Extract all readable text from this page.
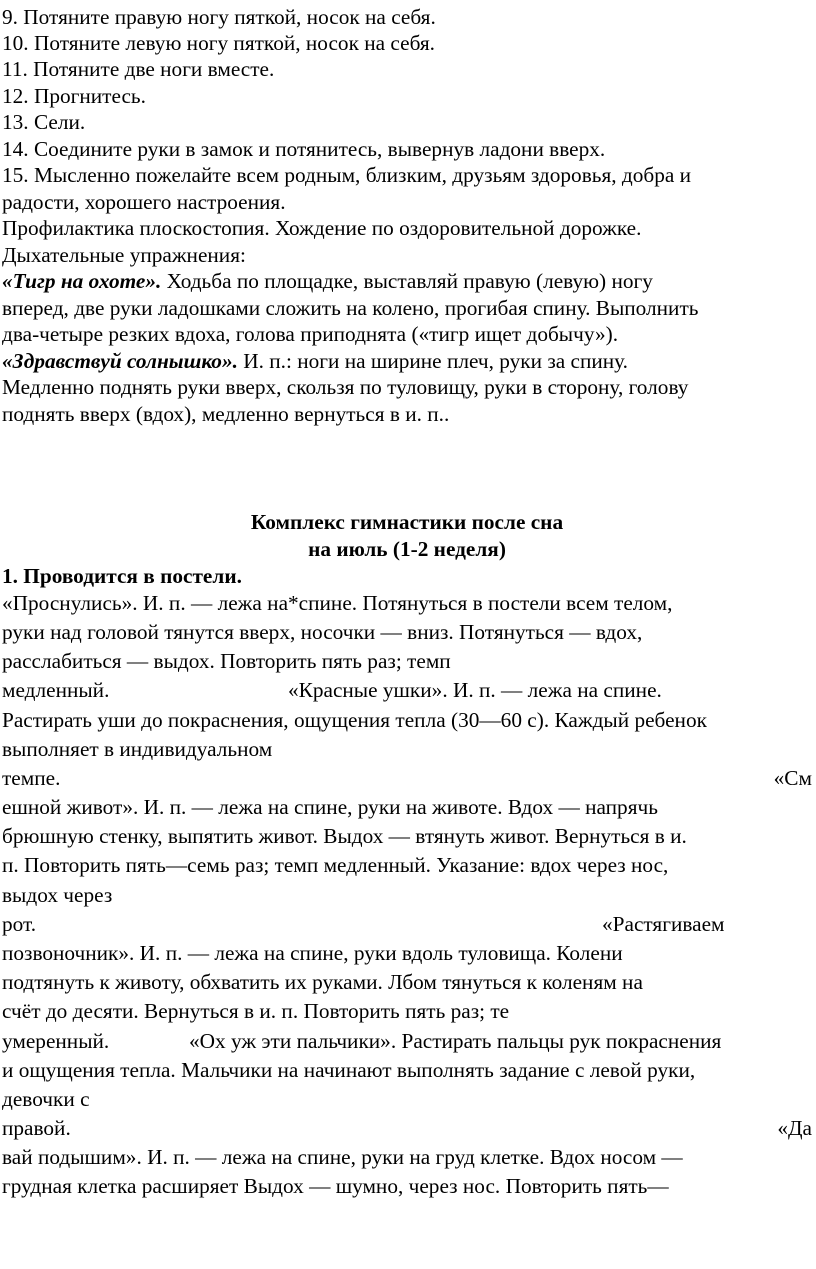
9. Потяните правую ногу пяткой, носок на себя.
10. Потяните левую ногу пяткой, носок на себя.
11. Потяните две ноги вместе.
12. Прогнитесь.
13. Сели.
14. Соедините руки в замок и потянитесь, вывернув ладони вверх.
15. Мысленно пожелайте всем родным, близким, друзьям здоровья, добра и
радости, хорошего настроения.
Профилактика плоскостопия. Хождение по оздоровительной дорожке.
Дыхательные упражнения:
«Тигр на охоте». Ходьба по площадке, выставляй правую (левую) ногу
вперед, две руки ладошками сложить на колено, прогибая спину. Выполнить
два-четыре резких вдоха, голова приподнята («тигр ищет добычу»).
«Здравствуй солнышко». И. п.: ноги на ширине плеч, руки за спину.
Медленно поднять руки вверх, скользя по туловищу, руки в сторону, голову
поднять вверх (вдох), медленно вернуться в и. п..
Комплекс гимнастики после сна
на июль (1-2 неделя)
1. Проводится в постели.
«Проснулись». И. п. — лежа на*спине. Потянуться в постели всем телом,
руки над головой тянутся вверх, носочки — вниз. Потянуться — вдох,
расслабиться — выдох. Повторить пять раз; темп
медленный.	«Красные ушки». И. п. — лежа на спине.
Растирать уши до покраснения, ощущения тепла (30—60 с). Каждый ребенок
выполняет в индивидуальном
темпе.	«См
ешной живот». И. п. — лежа на спине, руки на животе. Вдох — напрячь
брюшную стенку, выпятить живот. Выдох — втянуть живот. Вернуться в и.
п. Повторить пять—семь раз; темп медленный. Указание: вдох через нос,
выдох через
рот.	«Растягиваем
позвоночник». И. п. — лежа на спине, руки вдоль туловища. Колени
подтянуть к животу, обхватить их руками. Лбом тянуться к коленям на
счёт до десяти. Вернуться в и. п. Повторить пять раз; те
умеренный.	«Ох уж эти пальчики». Растирать пальцы рук покраснения
и ощущения тепла. Мальчики на начинают выполнять задание с левой руки,
девочки с
правой.	«Да
вай подышим». И. п. — лежа на спине, руки на груд клетке. Вдох носом —
грудная клетка расширяет Выдох — шумно, через нос. Повторить пять—
